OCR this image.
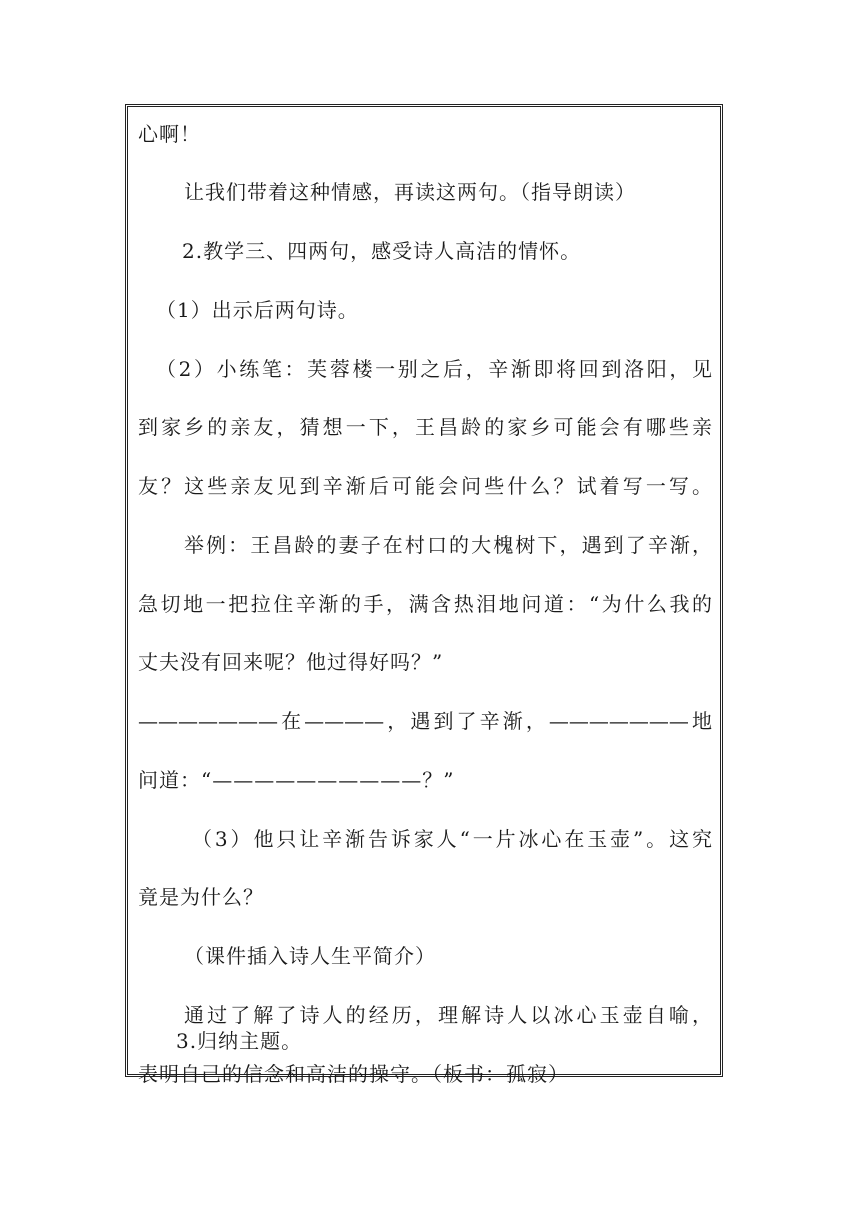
心啊！
让我们带着这种情感，再读这两句。（指导朗读）
2.教学三、四两句，感受诗人高洁的情怀。
（1）出示后两句诗。
（2）小练笔：芙蓉楼一别之后，辛渐即将回到洛阳，见
到家乡的亲友，猜想一下，王昌龄的家乡可能会有哪些亲
友？这些亲友见到辛渐后可能会问些什么？试着写一写。
举例：王昌龄的妻子在村口的大槐树下，遇到了辛渐，
急切地一把拉住辛渐的手，满含热泪地问道：“为什么我的
丈夫没有回来呢？他过得好吗？”
———————在————，遇到了辛渐，———————地
问道：“——————————？”
（3）他只让辛渐告诉家人“一片冰心在玉壶”。这究
竟是为什么？
（课件插入诗人生平简介）
通过了解了诗人的经历，理解诗人以冰心玉壶自喻，
表明自己的信念和高洁的操守。（板书：孤寂）
3.归纳主题。
